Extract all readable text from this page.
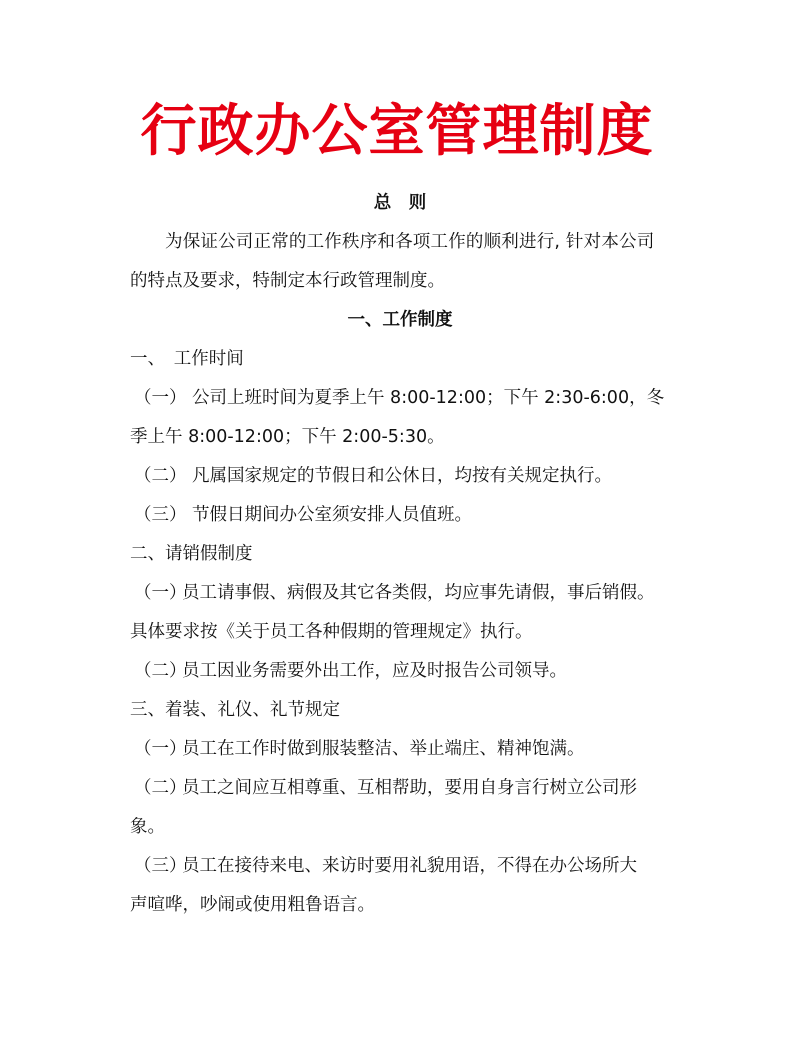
行政办公室管理制度
总　则
为保证公司正常的工作秩序和各项工作的顺利进行, 针对本公司
的特点及要求，特制定本行政管理制度。
一、工作制度
一、　工作时间
（一） 公司上班时间为夏季上午 8:00-12:00；下午 2:30-6:00，冬
季上午 8:00-12:00；下午 2:00-5:30。
（二） 凡属国家规定的节假日和公休日，均按有关规定执行。
（三） 节假日期间办公室须安排人员值班。
二、请销假制度
（一）员工请事假、病假及其它各类假，均应事先请假，事后销假。
具体要求按《关于员工各种假期的管理规定》执行。
（二）员工因业务需要外出工作，应及时报告公司领导。
三、着装、礼仪、礼节规定
（一）员工在工作时做到服装整洁、举止端庄、精神饱满。
（二）员工之间应互相尊重、互相帮助，要用自身言行树立公司形
象。
（三）员工在接待来电、来访时要用礼貌用语，不得在办公场所大
声喧哗，吵闹或使用粗鲁语言。
